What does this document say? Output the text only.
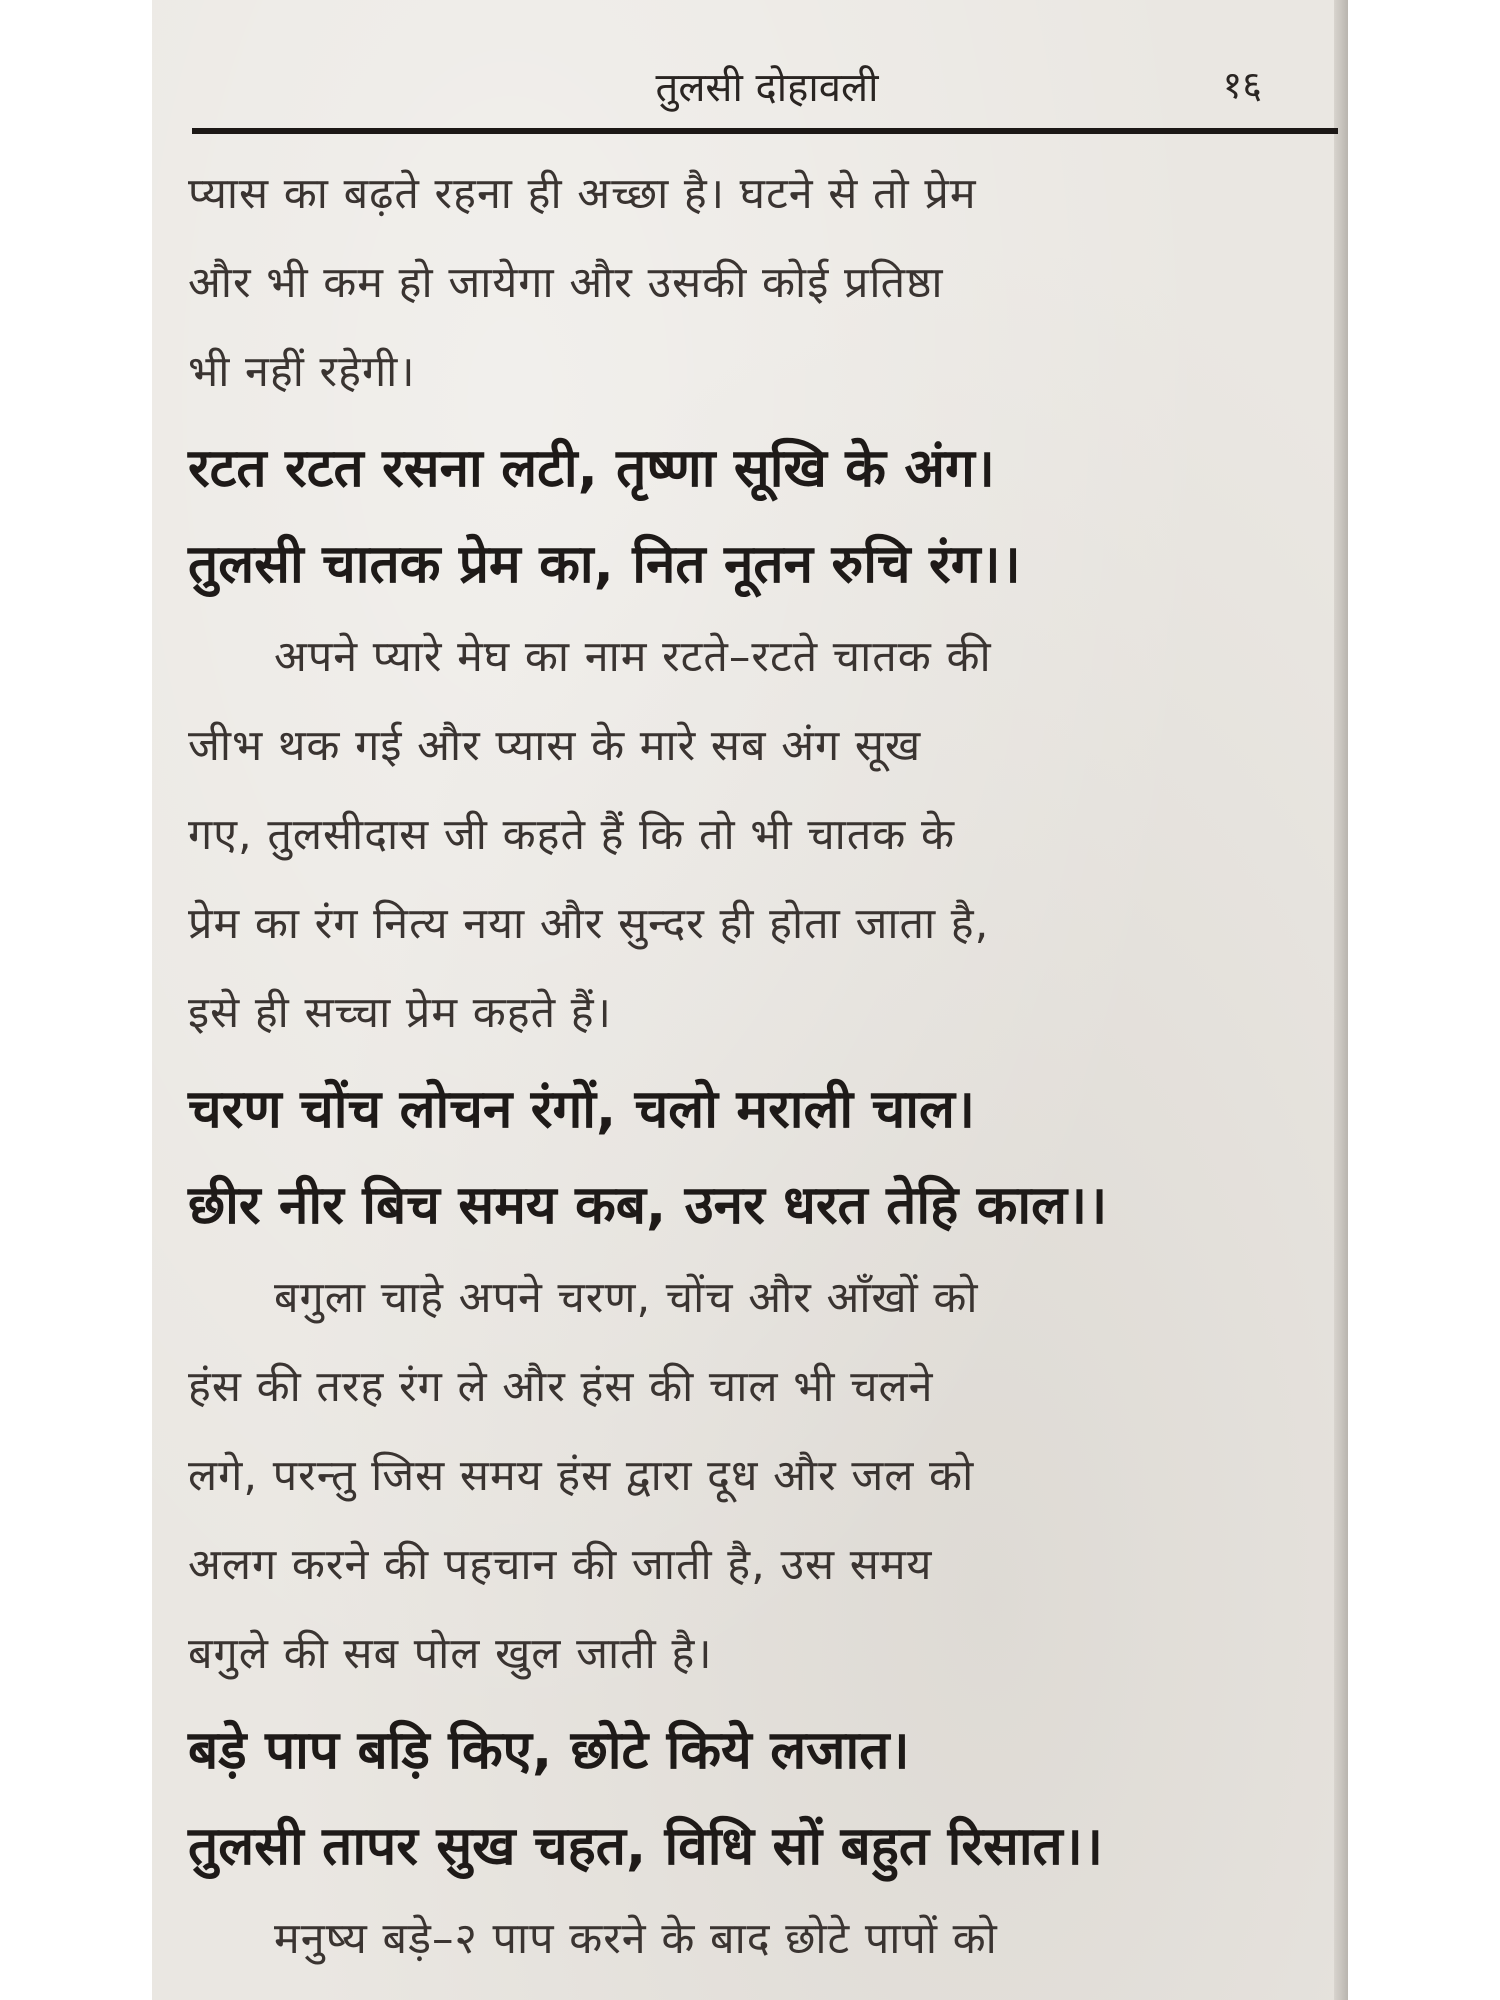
तुलसी दोहावली	१६
प्यास का बढ़ते रहना ही अच्छा है। घटने से तो प्रेम
और भी कम हो जायेगा और उसकी कोई प्रतिष्ठा
भी नहीं रहेगी।
रटत रटत रसना लटी, तृष्णा सूखि के अंग।
तुलसी चातक प्रेम का, नित नूतन रुचि रंग।।
अपने प्यारे मेघ का नाम रटते–रटते चातक की
जीभ थक गई और प्यास के मारे सब अंग सूख
गए, तुलसीदास जी कहते हैं कि तो भी चातक के
प्रेम का रंग नित्य नया और सुन्दर ही होता जाता है,
इसे ही सच्चा प्रेम कहते हैं।
चरण चोंच लोचन रंगों, चलो मराली चाल।
छीर नीर बिच समय कब, उनर धरत तेहि काल।।
बगुला चाहे अपने चरण, चोंच और आँखों को
हंस की तरह रंग ले और हंस की चाल भी चलने
लगे, परन्तु जिस समय हंस द्वारा दूध और जल को
अलग करने की पहचान की जाती है, उस समय
बगुले की सब पोल खुल जाती है।
बड़े पाप बड़ि किए, छोटे किये लजात।
तुलसी तापर सुख चहत, विधि सों बहुत रिसात।।
मनुष्य बड़े–२ पाप करने के बाद छोटे पापों को
